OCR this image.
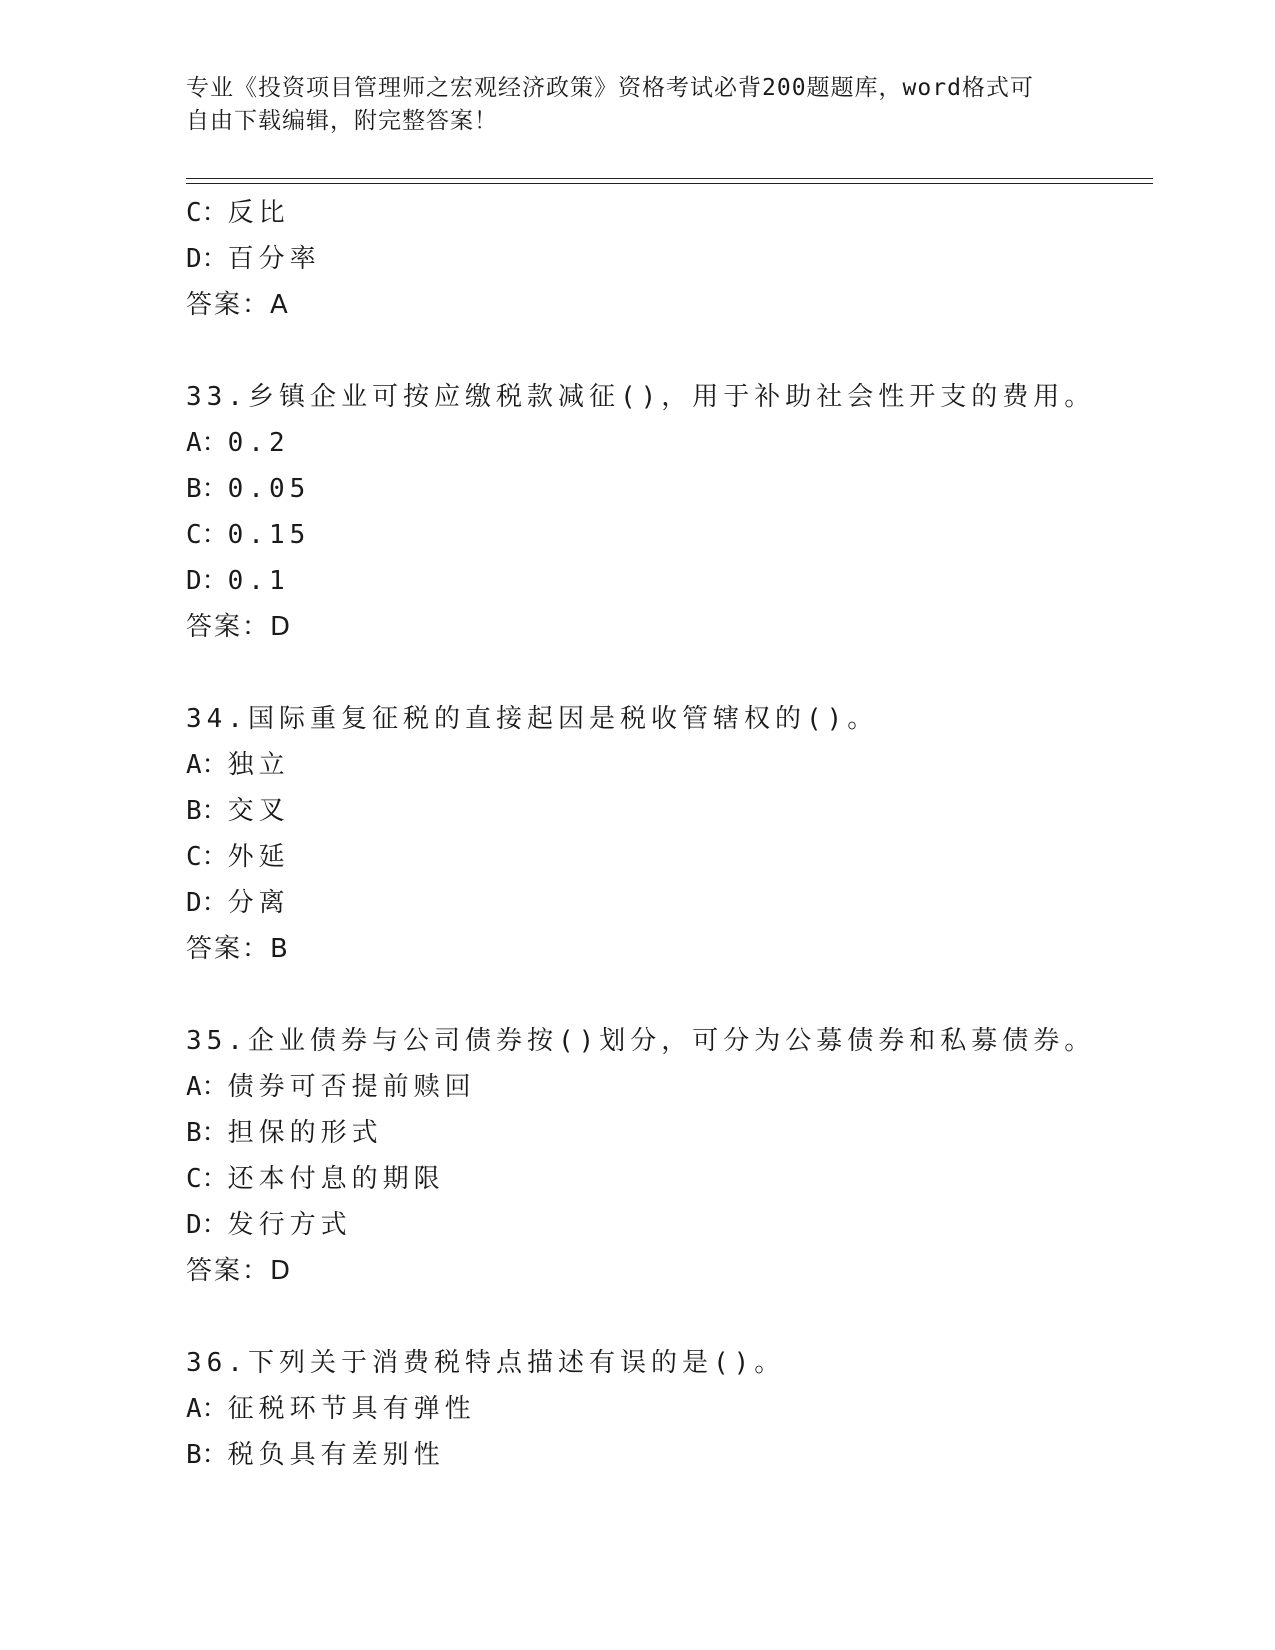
专业《投资项目管理师之宏观经济政策》资格考试必背200题题库，word格式可
自由下载编辑，附完整答案！
C：反比
D：百分率
答案：A
33.乡镇企业可按应缴税款减征()，用于补助社会性开支的费用。
A：0.2
B：0.05
C：0.15
D：0.1
答案：D
34.国际重复征税的直接起因是税收管辖权的()。
A：独立
B：交叉
C：外延
D：分离
答案：B
35.企业债券与公司债券按()划分，可分为公募债券和私募债券。
A：债券可否提前赎回
B：担保的形式
C：还本付息的期限
D：发行方式
答案：D
36.下列关于消费税特点描述有误的是()。
A：征税环节具有弹性
B：税负具有差别性
